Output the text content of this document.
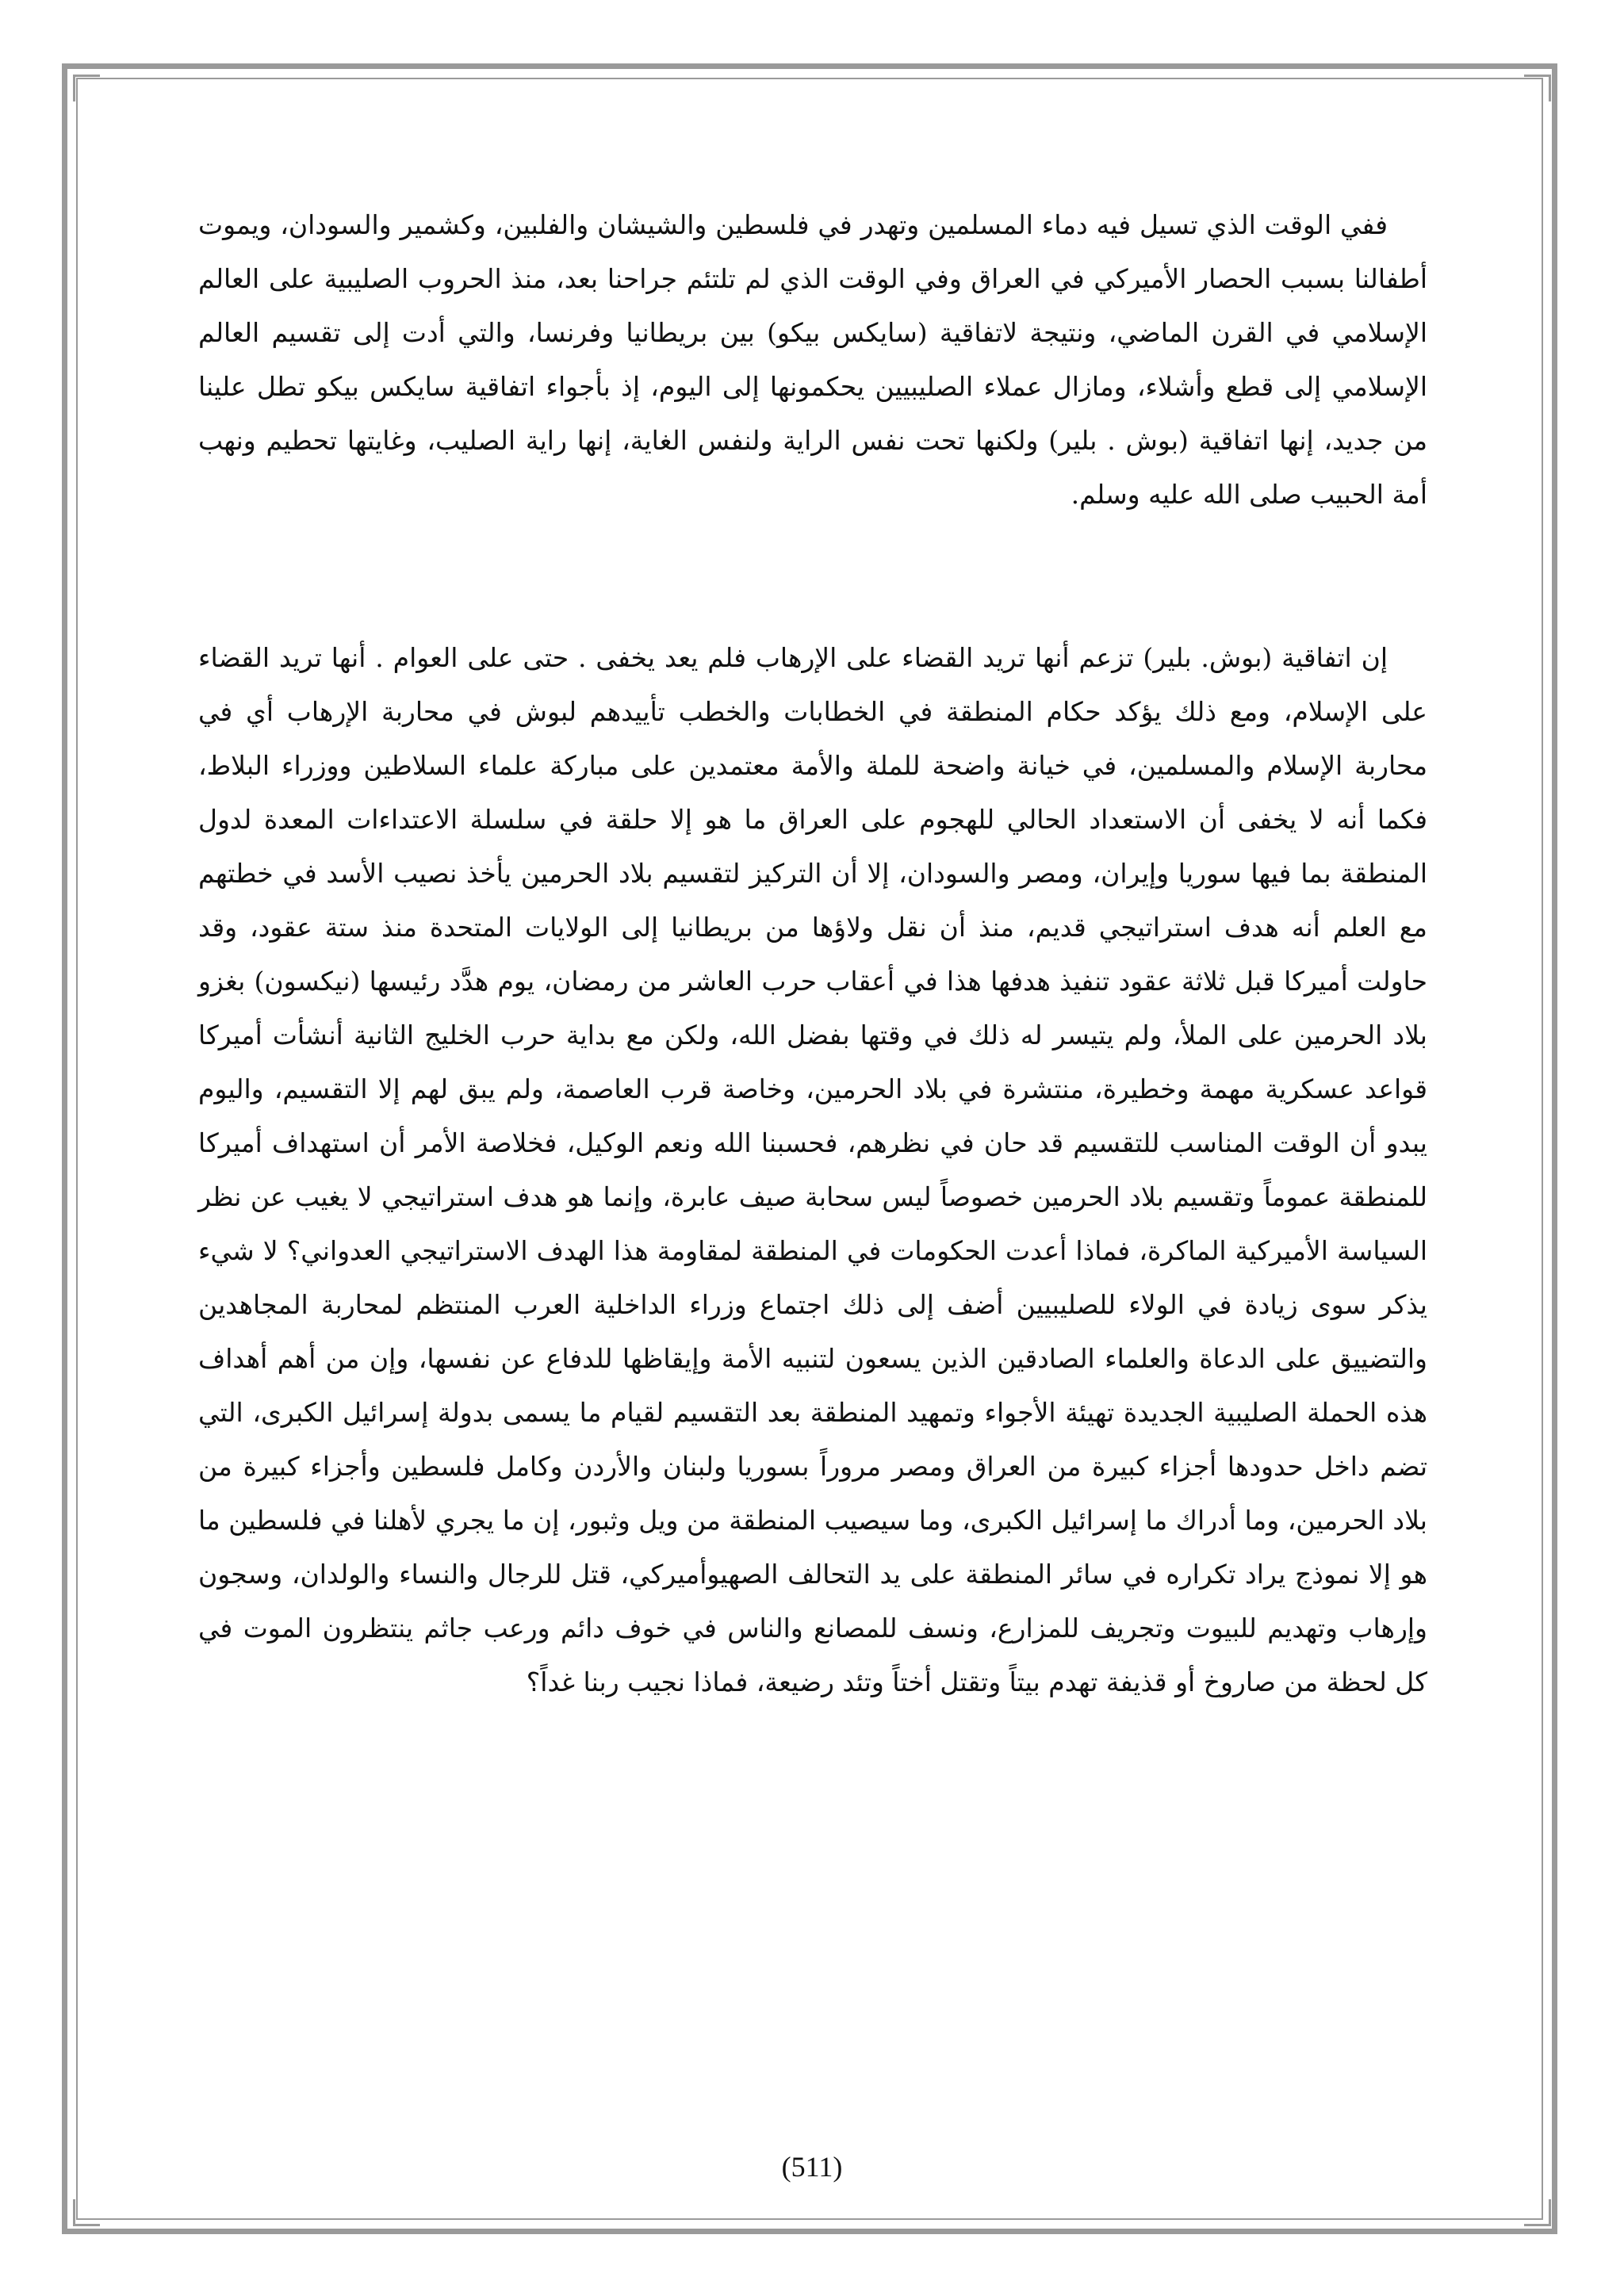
ففي الوقت الذي تسيل فيه دماء المسلمين وتهدر في فلسطين والشيشان والفلبين، وكشمير والسودان، ويموت أطفالنا بسبب الحصار الأميركي في العراق وفي الوقت الذي لم تلتئم جراحنا بعد، منذ الحروب الصليبية على العالم الإسلامي في القرن الماضي، ونتيجة لاتفاقية (سايكس بيكو) بين بريطانيا وفرنسا، والتي أدت إلى تقسيم العالم الإسلامي إلى قطع وأشلاء، ومازال عملاء الصليبيين يحكمونها إلى اليوم، إذ بأجواء اتفاقية سايكس بيكو تطل علينا من جديد، إنها اتفاقية (بوش . بلير) ولكنها تحت نفس الراية ولنفس الغاية، إنها راية الصليب، وغايتها تحطيم ونهب أمة الحبيب صلى الله عليه وسلم.

إن اتفاقية (بوش. بلير) تزعم أنها تريد القضاء على الإرهاب فلم يعد يخفى . حتى على العوام . أنها تريد القضاء على الإسلام، ومع ذلك يؤكد حكام المنطقة في الخطابات والخطب تأييدهم لبوش في محاربة الإرهاب أي في محاربة الإسلام والمسلمين، في خيانة واضحة للملة والأمة معتمدين على مباركة علماء السلاطين ووزراء البلاط، فكما أنه لا يخفى أن الاستعداد الحالي للهجوم على العراق ما هو إلا حلقة في سلسلة الاعتداءات المعدة لدول المنطقة بما فيها سوريا وإيران، ومصر والسودان، إلا أن التركيز لتقسيم بلاد الحرمين يأخذ نصيب الأسد في خطتهم مع العلم أنه هدف استراتيجي قديم، منذ أن نقل ولاؤها من بريطانيا إلى الولايات المتحدة منذ ستة عقود، وقد حاولت أميركا قبل ثلاثة عقود تنفيذ هدفها هذا في أعقاب حرب العاشر من رمضان، يوم هدَّد رئيسها (نيكسون) بغزو بلاد الحرمين على الملأ، ولم يتيسر له ذلك في وقتها بفضل الله، ولكن مع بداية حرب الخليج الثانية أنشأت أميركا قواعد عسكرية مهمة وخطيرة، منتشرة في بلاد الحرمين، وخاصة قرب العاصمة، ولم يبق لهم إلا التقسيم، واليوم يبدو أن الوقت المناسب للتقسيم قد حان في نظرهم، فحسبنا الله ونعم الوكيل، فخلاصة الأمر أن استهداف أميركا للمنطقة عموماً وتقسيم بلاد الحرمين خصوصاً ليس سحابة صيف عابرة، وإنما هو هدف استراتيجي لا يغيب عن نظر السياسة الأميركية الماكرة، فماذا أعدت الحكومات في المنطقة لمقاومة هذا الهدف الاستراتيجي العدواني؟ لا شيء يذكر سوى زيادة في الولاء للصليبيين أضف إلى ذلك اجتماع وزراء الداخلية العرب المنتظم لمحاربة المجاهدين والتضييق على الدعاة والعلماء الصادقين الذين يسعون لتنبيه الأمة وإيقاظها للدفاع عن نفسها، وإن من أهم أهداف هذه الحملة الصليبية الجديدة تهيئة الأجواء وتمهيد المنطقة بعد التقسيم لقيام ما يسمى بدولة إسرائيل الكبرى، التي تضم داخل حدودها أجزاء كبيرة من العراق ومصر مروراً بسوريا ولبنان والأردن وكامل فلسطين وأجزاء كبيرة من بلاد الحرمين، وما أدراك ما إسرائيل الكبرى، وما سيصيب المنطقة من ويل وثبور، إن ما يجري لأهلنا في فلسطين ما هو إلا نموذج يراد تكراره في سائر المنطقة على يد التحالف الصهيوأميركي، قتل للرجال والنساء والولدان، وسجون وإرهاب وتهديم للبيوت وتجريف للمزارع، ونسف للمصانع والناس في خوف دائم ورعب جاثم ينتظرون الموت في كل لحظة من صاروخ أو قذيفة تهدم بيتاً وتقتل أختاً وتئد رضيعة، فماذا نجيب ربنا غداً؟

(511)
